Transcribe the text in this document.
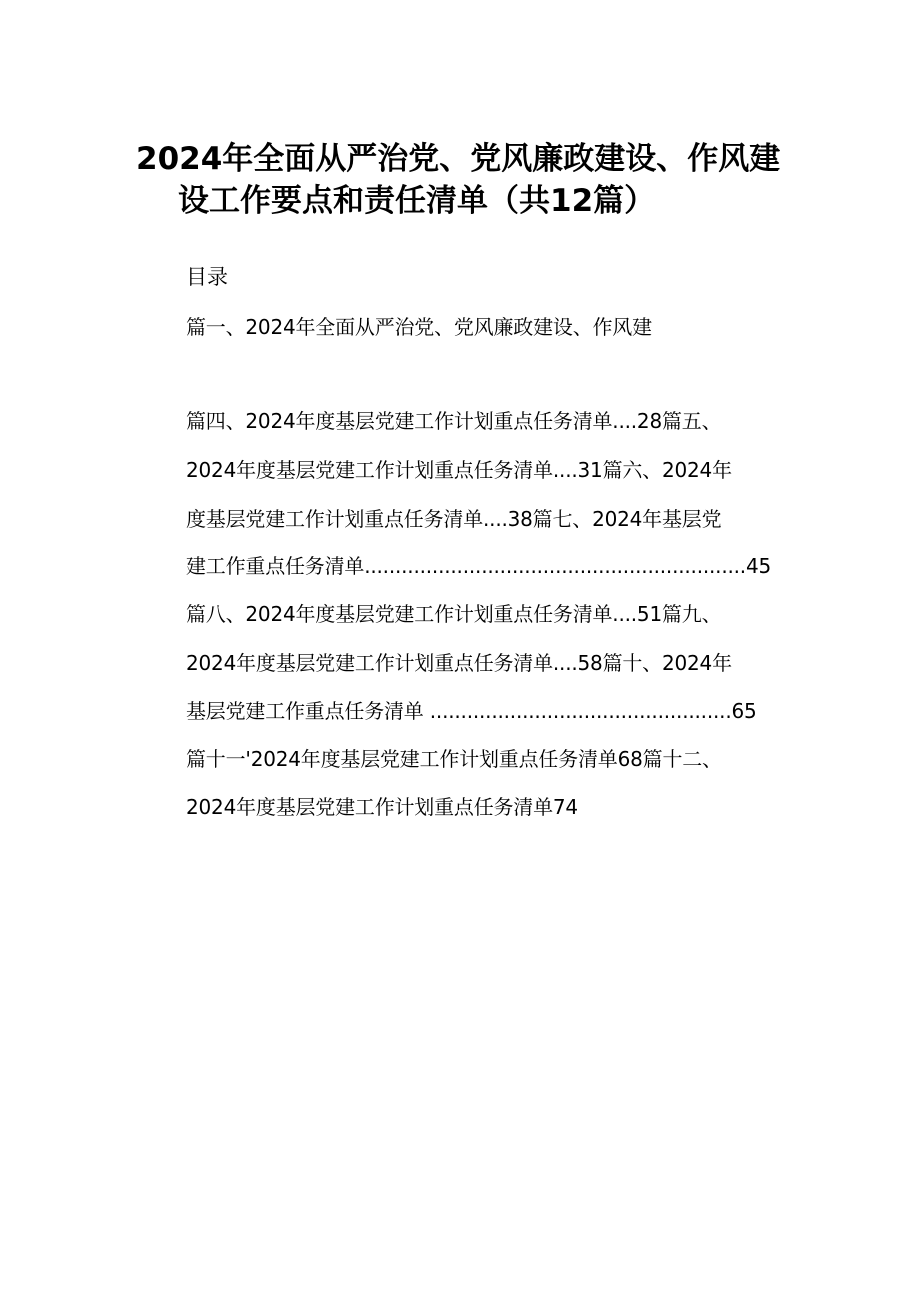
2024年全面从严治党、党风廉政建设、作风建
设工作要点和责任清单（共12篇）
目录
篇一、2024年全面从严治党、党风廉政建设、作风建
篇四、2024年度基层党建工作计划重点任务清单....28篇五、
2024年度基层党建工作计划重点任务清单....31篇六、2024年
度基层党建工作计划重点任务清单....38篇七、2024年基层党
建工作重点任务清单..............................................................45
篇八、2024年度基层党建工作计划重点任务清单....51篇九、
2024年度基层党建工作计划重点任务清单....58篇十、2024年
基层党建工作重点任务清单 .................................................65
篇十一'2024年度基层党建工作计划重点任务清单68篇十二、
2024年度基层党建工作计划重点任务清单74
